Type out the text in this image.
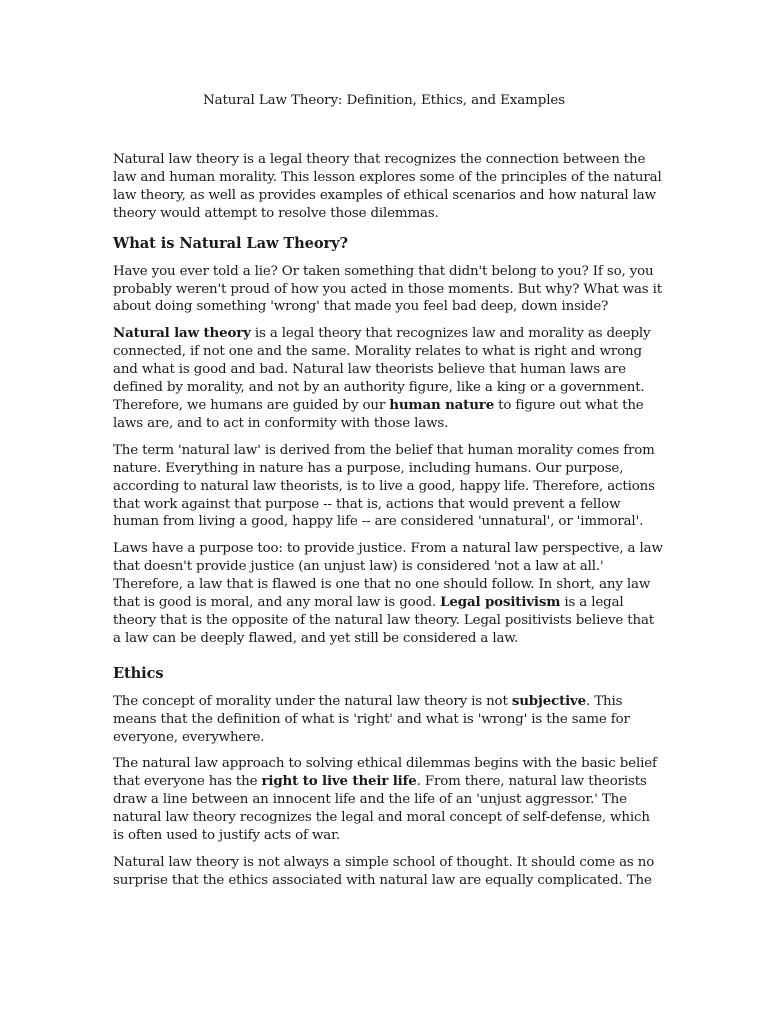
Natural Law Theory: Definition, Ethics, and Examples

Natural law theory is a legal theory that recognizes the connection between the law and human morality. This lesson explores some of the principles of the natural law theory, as well as provides examples of ethical scenarios and how natural law theory would attempt to resolve those dilemmas.

What is Natural Law Theory?

Have you ever told a lie? Or taken something that didn't belong to you? If so, you probably weren't proud of how you acted in those moments. But why? What was it about doing something 'wrong' that made you feel bad deep, down inside?

Natural law theory is a legal theory that recognizes law and morality as deeply connected, if not one and the same. Morality relates to what is right and wrong and what is good and bad. Natural law theorists believe that human laws are defined by morality, and not by an authority figure, like a king or a government. Therefore, we humans are guided by our human nature to figure out what the laws are, and to act in conformity with those laws.

The term 'natural law' is derived from the belief that human morality comes from nature. Everything in nature has a purpose, including humans. Our purpose, according to natural law theorists, is to live a good, happy life. Therefore, actions that work against that purpose -- that is, actions that would prevent a fellow human from living a good, happy life -- are considered 'unnatural', or 'immoral'.

Laws have a purpose too: to provide justice. From a natural law perspective, a law that doesn't provide justice (an unjust law) is considered 'not a law at all.' Therefore, a law that is flawed is one that no one should follow. In short, any law that is good is moral, and any moral law is good. Legal positivism is a legal theory that is the opposite of the natural law theory. Legal positivists believe that a law can be deeply flawed, and yet still be considered a law.

Ethics

The concept of morality under the natural law theory is not subjective. This means that the definition of what is 'right' and what is 'wrong' is the same for everyone, everywhere.

The natural law approach to solving ethical dilemmas begins with the basic belief that everyone has the right to live their life. From there, natural law theorists draw a line between an innocent life and the life of an 'unjust aggressor.' The natural law theory recognizes the legal and moral concept of self-defense, which is often used to justify acts of war.

Natural law theory is not always a simple school of thought. It should come as no surprise that the ethics associated with natural law are equally complicated. The
